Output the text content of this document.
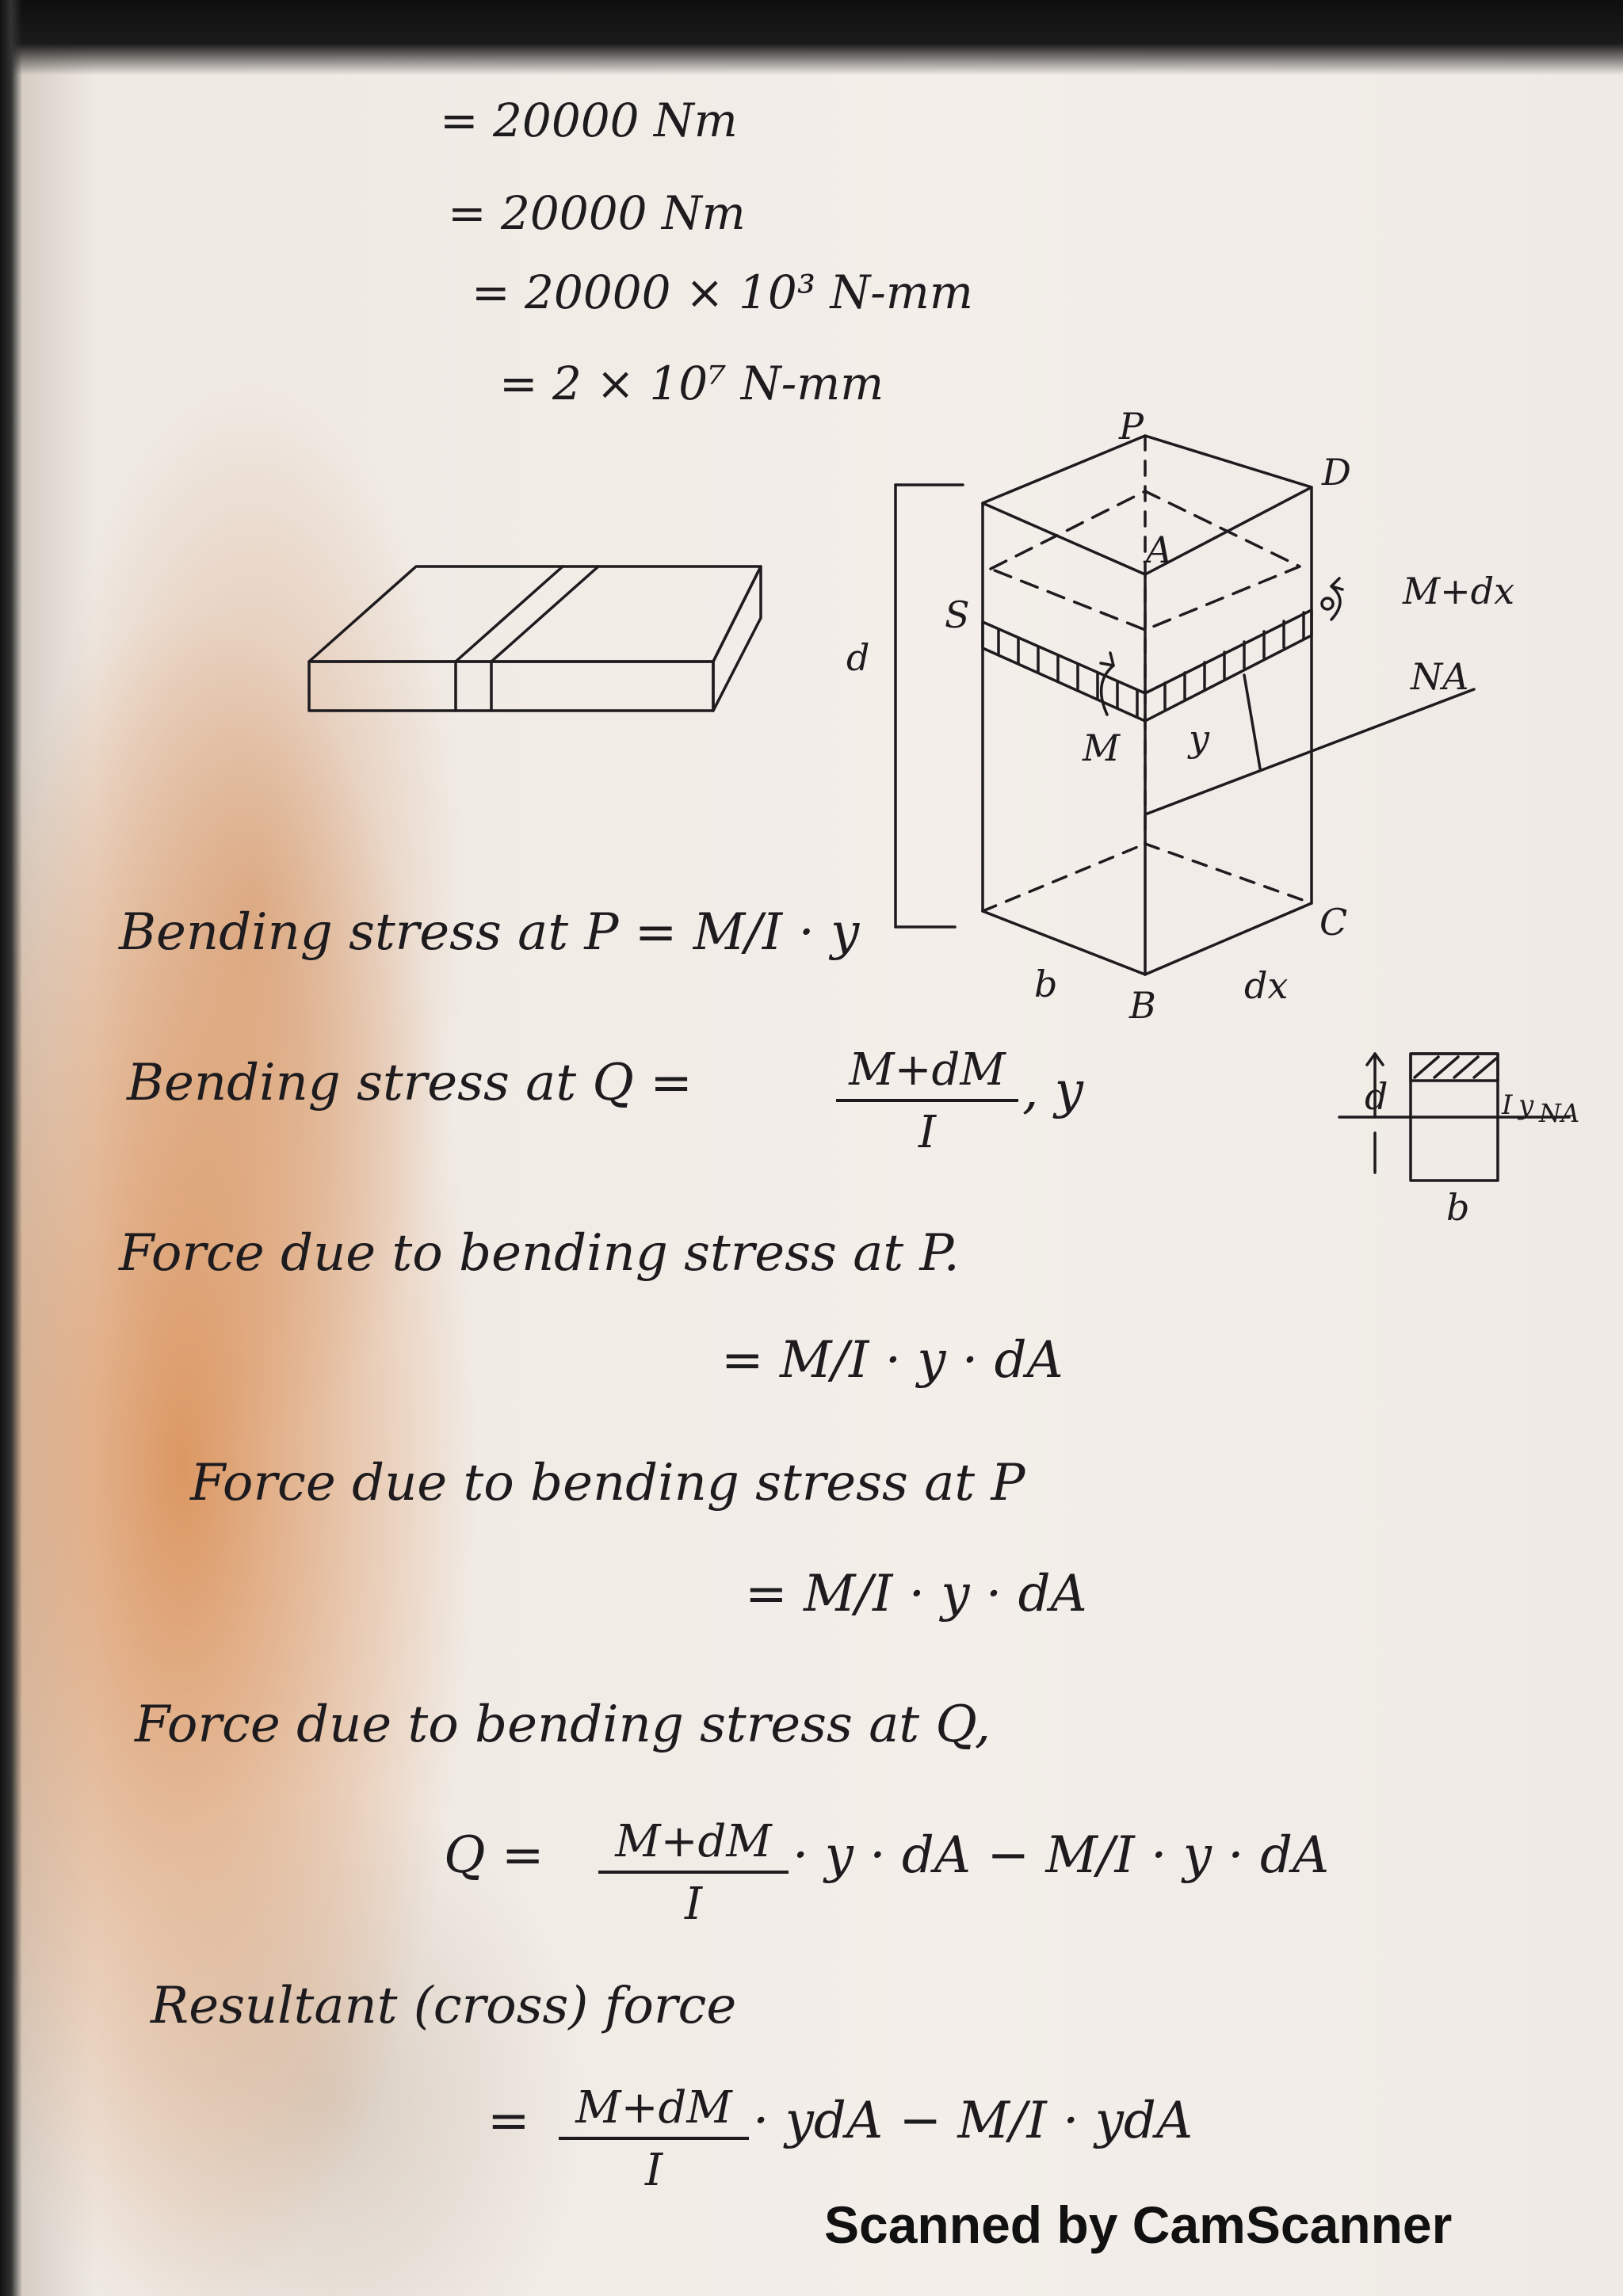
= 20000 Nm
= 20000 Nm
= 20000 × 10³ N-mm
= 2 × 10⁷ N-mm
d
P
D
A
S
M y
M+dx
NA
C
b B dx
d	I y NA
b
Bending stress at P = M/I · y
Bending stress at Q =	M+dM
I
, y
Force due to bending stress at P.
= M/I · y · dA
Force due to bending stress at P
= M/I · y · dA
Force due to bending stress at Q,
Q =	M+dM
I
· y · dA − M/I · y · dA
Resultant (cross) force
=	M+dM
I
· ydA − M/I · ydA
Scanned by CamScanner
